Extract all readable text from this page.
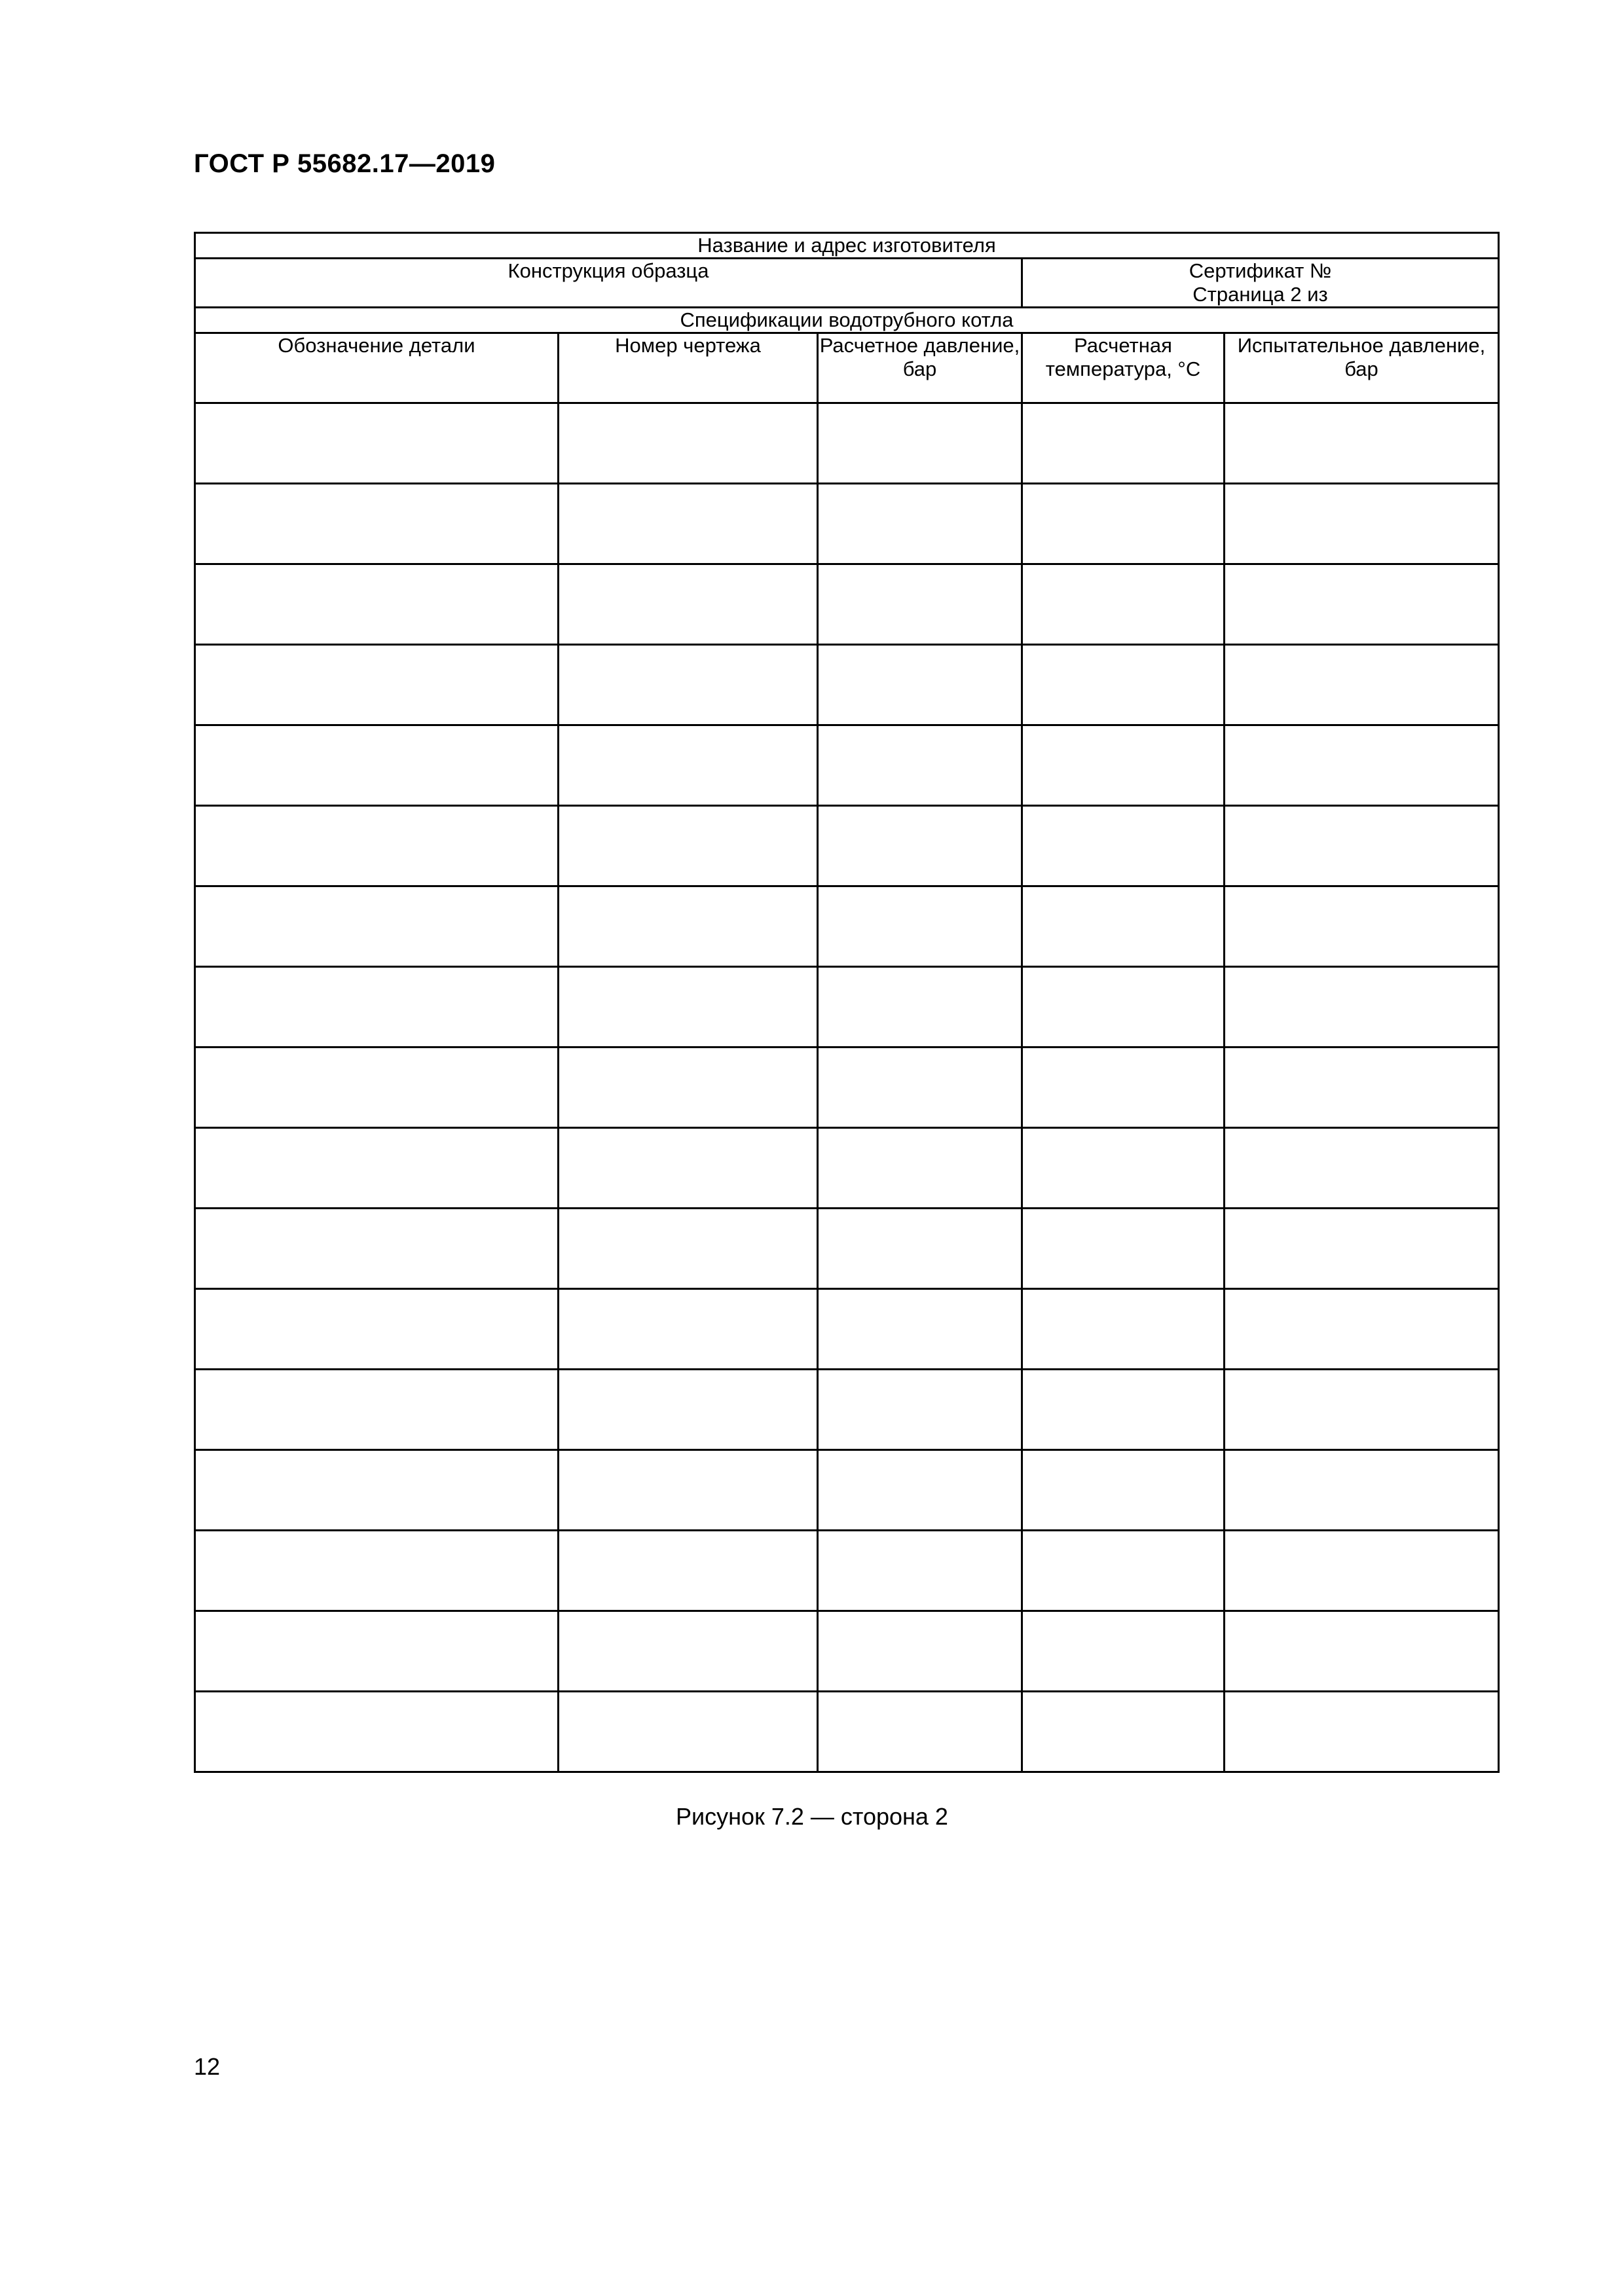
ГОСТ Р 55682.17—2019
Название и адрес изготовителя				
Конструкция образца			Сертификат №
Страница 2 из	

Спецификации водотрубного котла				
Обозначение детали	Номер чертежа	Расчетное давление, бар	Расчетная температура, °С	Испытательное давление, бар

Рисунок 7.2 — сторона 2
12
